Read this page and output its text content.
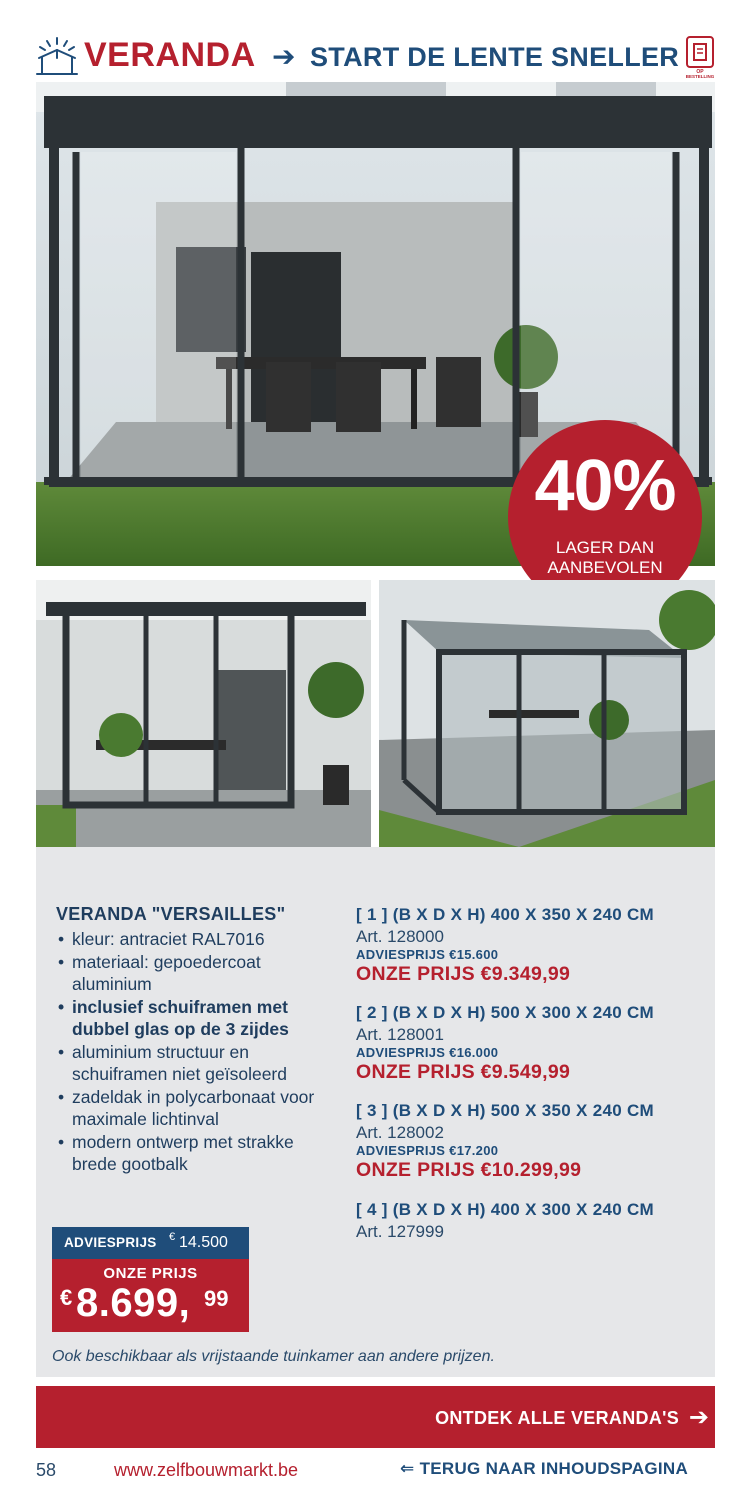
VERANDA ➔ START DE LENTE SNELLER	OP
BESTELLING
40%
LAGER DAN
AANBEVOLEN
VERANDA "VERSAILLES"
• kleur: antraciet RAL7016
• materiaal: gepoedercoat aluminium
• inclusief schuiframen met dubbel glas op de 3 zijdes
• aluminium structuur en schuiframen niet geïsoleerd
• zadeldak in polycarbonaat voor maximale lichtinval
• modern ontwerp met strakke brede gootbalk
[ 1 ] (B X D X H) 400 X 350 X 240 CM
Art. 128000
ADVIESPRIJS €15.600
ONZE PRIJS €9.349,99
[ 2 ] (B X D X H) 500 X 300 X 240 CM
Art. 128001
ADVIESPRIJS €16.000
ONZE PRIJS €9.549,99
[ 3 ] (B X D X H) 500 X 350 X 240 CM
Art. 128002
ADVIESPRIJS €17.200
ONZE PRIJS €10.299,99
[ 4 ] (B X D X H) 400 X 300 X 240 CM
Art. 127999
ADVIESPRIJS € 14.500
ONZE PRIJS
€ 8.699, 99
Ook beschikbaar als vrijstaande tuinkamer aan andere prijzen.
ONTDEK ALLE VERANDA'S ➔
58	www.zelfbouwmarkt.be	⇐ TERUG NAAR INHOUDSPAGINA
